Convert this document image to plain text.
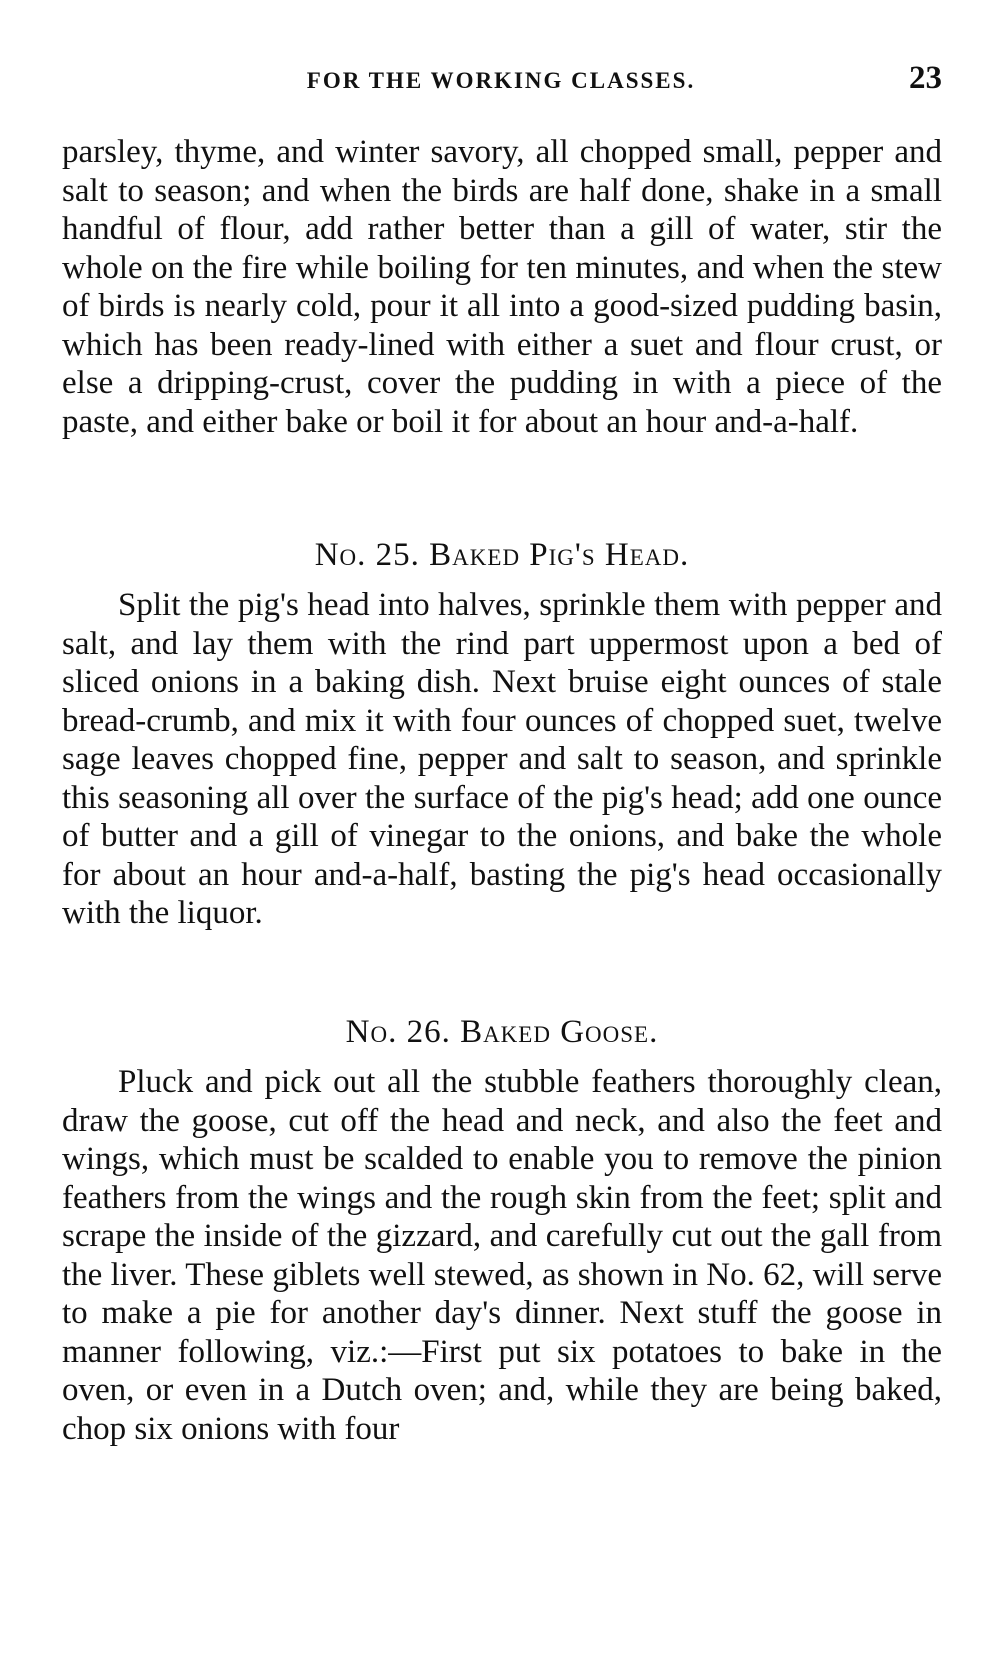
FOR THE WORKING CLASSES.	23

parsley, thyme, and winter savory, all chopped small, pepper and salt to season; and when the birds are half done, shake in a small handful of flour, add rather better than a gill of water, stir the whole on the fire while boiling for ten minutes, and when the stew of birds is nearly cold, pour it all into a good-sized pudding basin, which has been ready-lined with either a suet and flour crust, or else a dripping-crust, cover the pudding in with a piece of the paste, and either bake or boil it for about an hour and-a-half.

No. 25. Baked Pig's Head.

Split the pig's head into halves, sprinkle them with pepper and salt, and lay them with the rind part uppermost upon a bed of sliced onions in a baking dish. Next bruise eight ounces of stale bread-crumb, and mix it with four ounces of chopped suet, twelve sage leaves chopped fine, pepper and salt to season, and sprinkle this seasoning all over the surface of the pig's head; add one ounce of butter and a gill of vinegar to the onions, and bake the whole for about an hour and-a-half, basting the pig's head occasionally with the liquor.

No. 26. Baked Goose.

Pluck and pick out all the stubble feathers thoroughly clean, draw the goose, cut off the head and neck, and also the feet and wings, which must be scalded to enable you to remove the pinion feathers from the wings and the rough skin from the feet; split and scrape the inside of the gizzard, and carefully cut out the gall from the liver. These giblets well stewed, as shown in No. 62, will serve to make a pie for another day's dinner. Next stuff the goose in manner following, viz.:—First put six potatoes to bake in the oven, or even in a Dutch oven; and, while they are being baked, chop six onions with four
